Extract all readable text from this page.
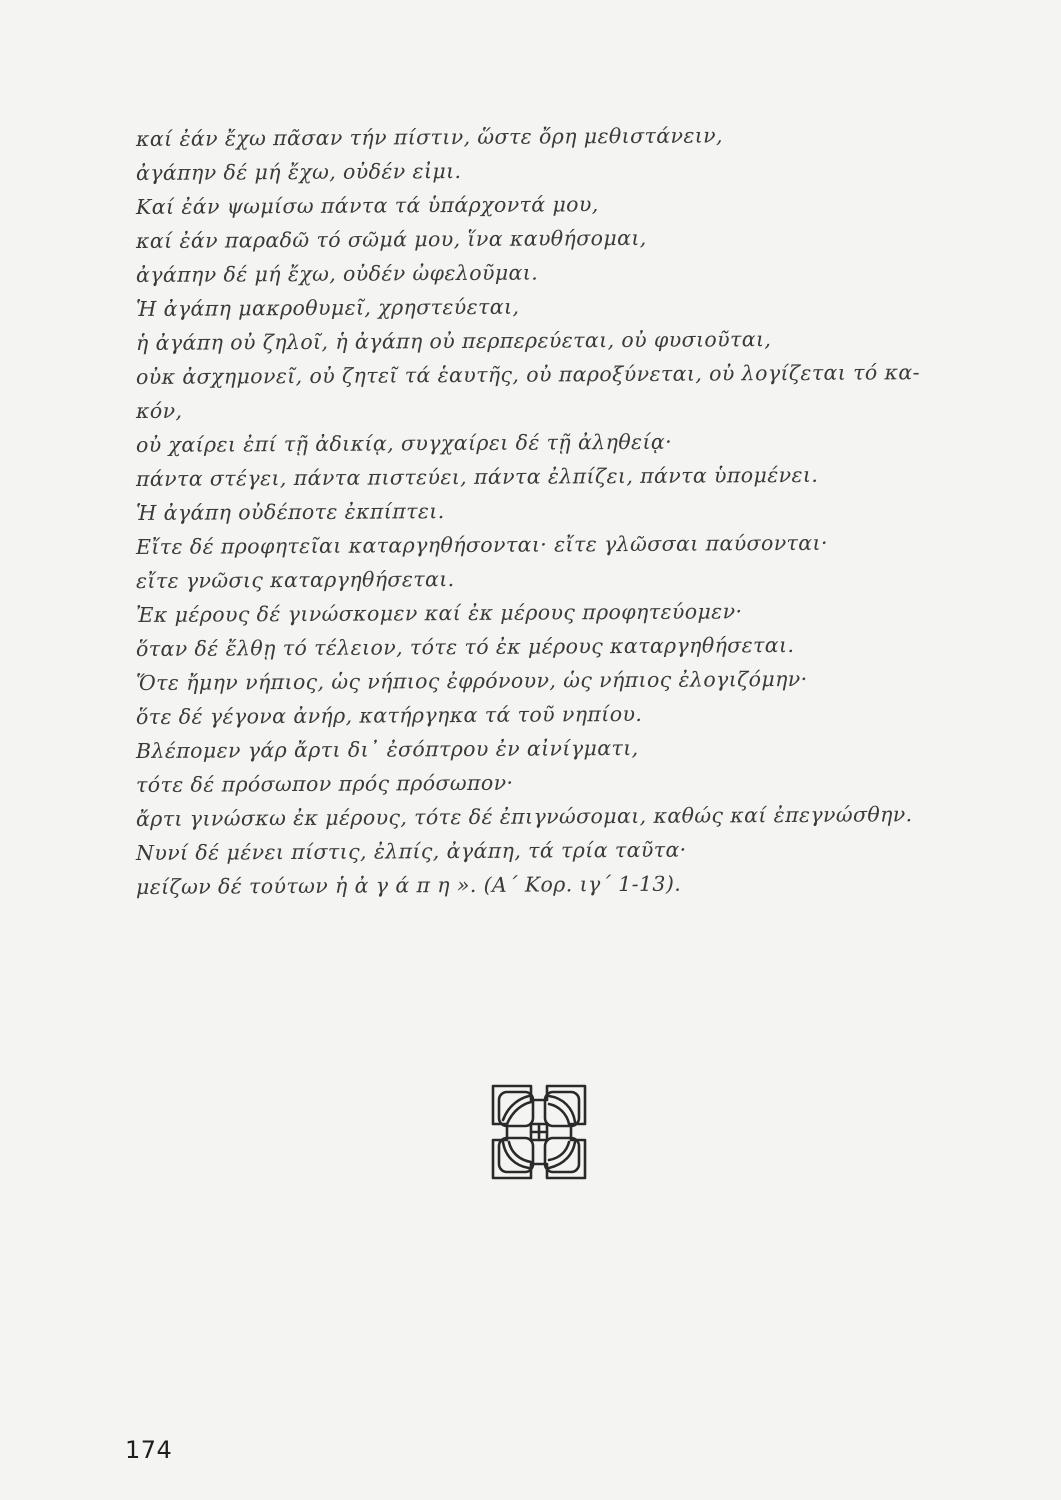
καί ἐάν ἔχω πᾶσαν τήν πίστιν, ὥστε ὄρη μεθιστάνειν,
ἀγάπην δέ μή ἔχω, οὐδέν εἰμι.
Καί ἐάν ψωμίσω πάντα τά ὑπάρχοντά μου,
καί ἐάν παραδῶ τό σῶμά μου, ἵνα καυθήσομαι,
ἀγάπην δέ μή ἔχω, οὐδέν ὠφελοῦμαι.
Ἡ ἀγάπη μακροθυμεῖ, χρηστεύεται,
ἡ ἀγάπη οὐ ζηλοῖ, ἡ ἀγάπη οὐ περπερεύεται, οὐ φυσιοῦται,
οὐκ ἀσχημονεῖ, οὐ ζητεῖ τά ἑαυτῆς, οὐ παροξύνεται, οὐ λογίζεται τό κα-
κόν,
οὐ χαίρει ἐπί τῇ ἀδικίᾳ, συγχαίρει δέ τῇ ἀληθείᾳ·
πάντα στέγει, πάντα πιστεύει, πάντα ἐλπίζει, πάντα ὑπομένει.
Ἡ ἀγάπη οὐδέποτε ἐκπίπτει.
Εἴτε δέ προφητεῖαι καταργηθήσονται· εἴτε γλῶσσαι παύσονται·
εἴτε γνῶσις καταργηθήσεται.
Ἐκ μέρους δέ γινώσκομεν καί ἐκ μέρους προφητεύομεν·
ὅταν δέ ἔλθῃ τό τέλειον, τότε τό ἐκ μέρους καταργηθήσεται.
Ὅτε ἤμην νήπιος, ὡς νήπιος ἐφρόνουν, ὡς νήπιος ἐλογιζόμην·
ὅτε δέ γέγονα ἀνήρ, κατήργηκα τά τοῦ νηπίου.
Βλέπομεν γάρ ἄρτι δι᾿ ἐσόπτρου ἐν αἰνίγματι,
τότε δέ πρόσωπον πρός πρόσωπον·
ἄρτι γινώσκω ἐκ μέρους, τότε δέ ἐπιγνώσομαι, καθώς καί ἐπεγνώσθην.
Νυνί δέ μένει πίστις, ἐλπίς, ἀγάπη, τά τρία ταῦτα·
μείζων δέ τούτων ἡ ἀ γ ά π η ». (Α΄ Κορ. ιγ΄ 1-13).
174
